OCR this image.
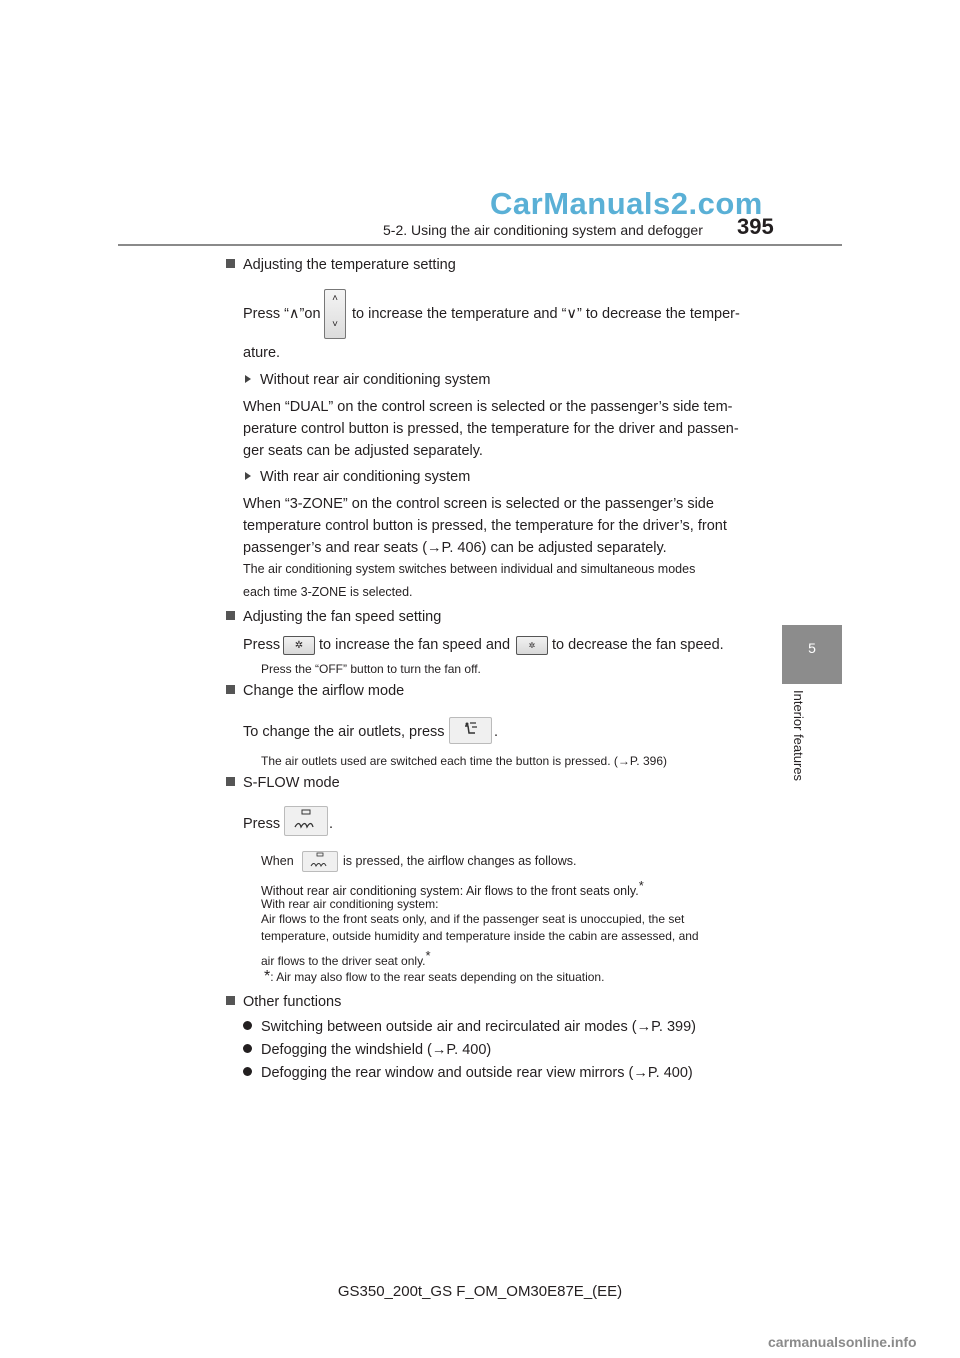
CarManuals2.com
5-2. Using the air conditioning system and defogger 395
5
Interior features
Adjusting the temperature setting
Press “∧”on
˄
˅
to increase the temperature and “∨” to decrease the temper-
ature.
Without rear air conditioning system
When “DUAL” on the control screen is selected or the passenger’s side tem-
perature control button is pressed, the temperature for the driver and passen-
ger seats can be adjusted separately.
With rear air conditioning system
When “3-ZONE” on the control screen is selected or the passenger’s side
temperature control button is pressed, the temperature for the driver’s, front
passenger’s and rear seats (→P. 406) can be adjusted separately.
The air conditioning system switches between individual and simultaneous modes
each time 3-ZONE is selected.
Adjusting the fan speed setting
Press	✲	to increase the fan speed and	✲	to decrease the fan speed.
Press the “OFF” button to turn the fan off.
Change the airflow mode
To change the air outlets, press	.
The air outlets used are switched each time the button is pressed. (→P. 396)
S-FLOW mode
Press	.
When	is pressed, the airflow changes as follows.
Without rear air conditioning system: Air flows to the front seats only.*
With rear air conditioning system:
Air flows to the front seats only, and if the passenger seat is unoccupied, the set
temperature, outside humidity and temperature inside the cabin are assessed, and
air flows to the driver seat only.*
*: Air may also flow to the rear seats depending on the situation.
Other functions
Switching between outside air and recirculated air modes (→P. 399)
Defogging the windshield (→P. 400)
Defogging the rear window and outside rear view mirrors (→P. 400)
GS350_200t_GS F_OM_OM30E87E_(EE)
carmanualsonline.info
